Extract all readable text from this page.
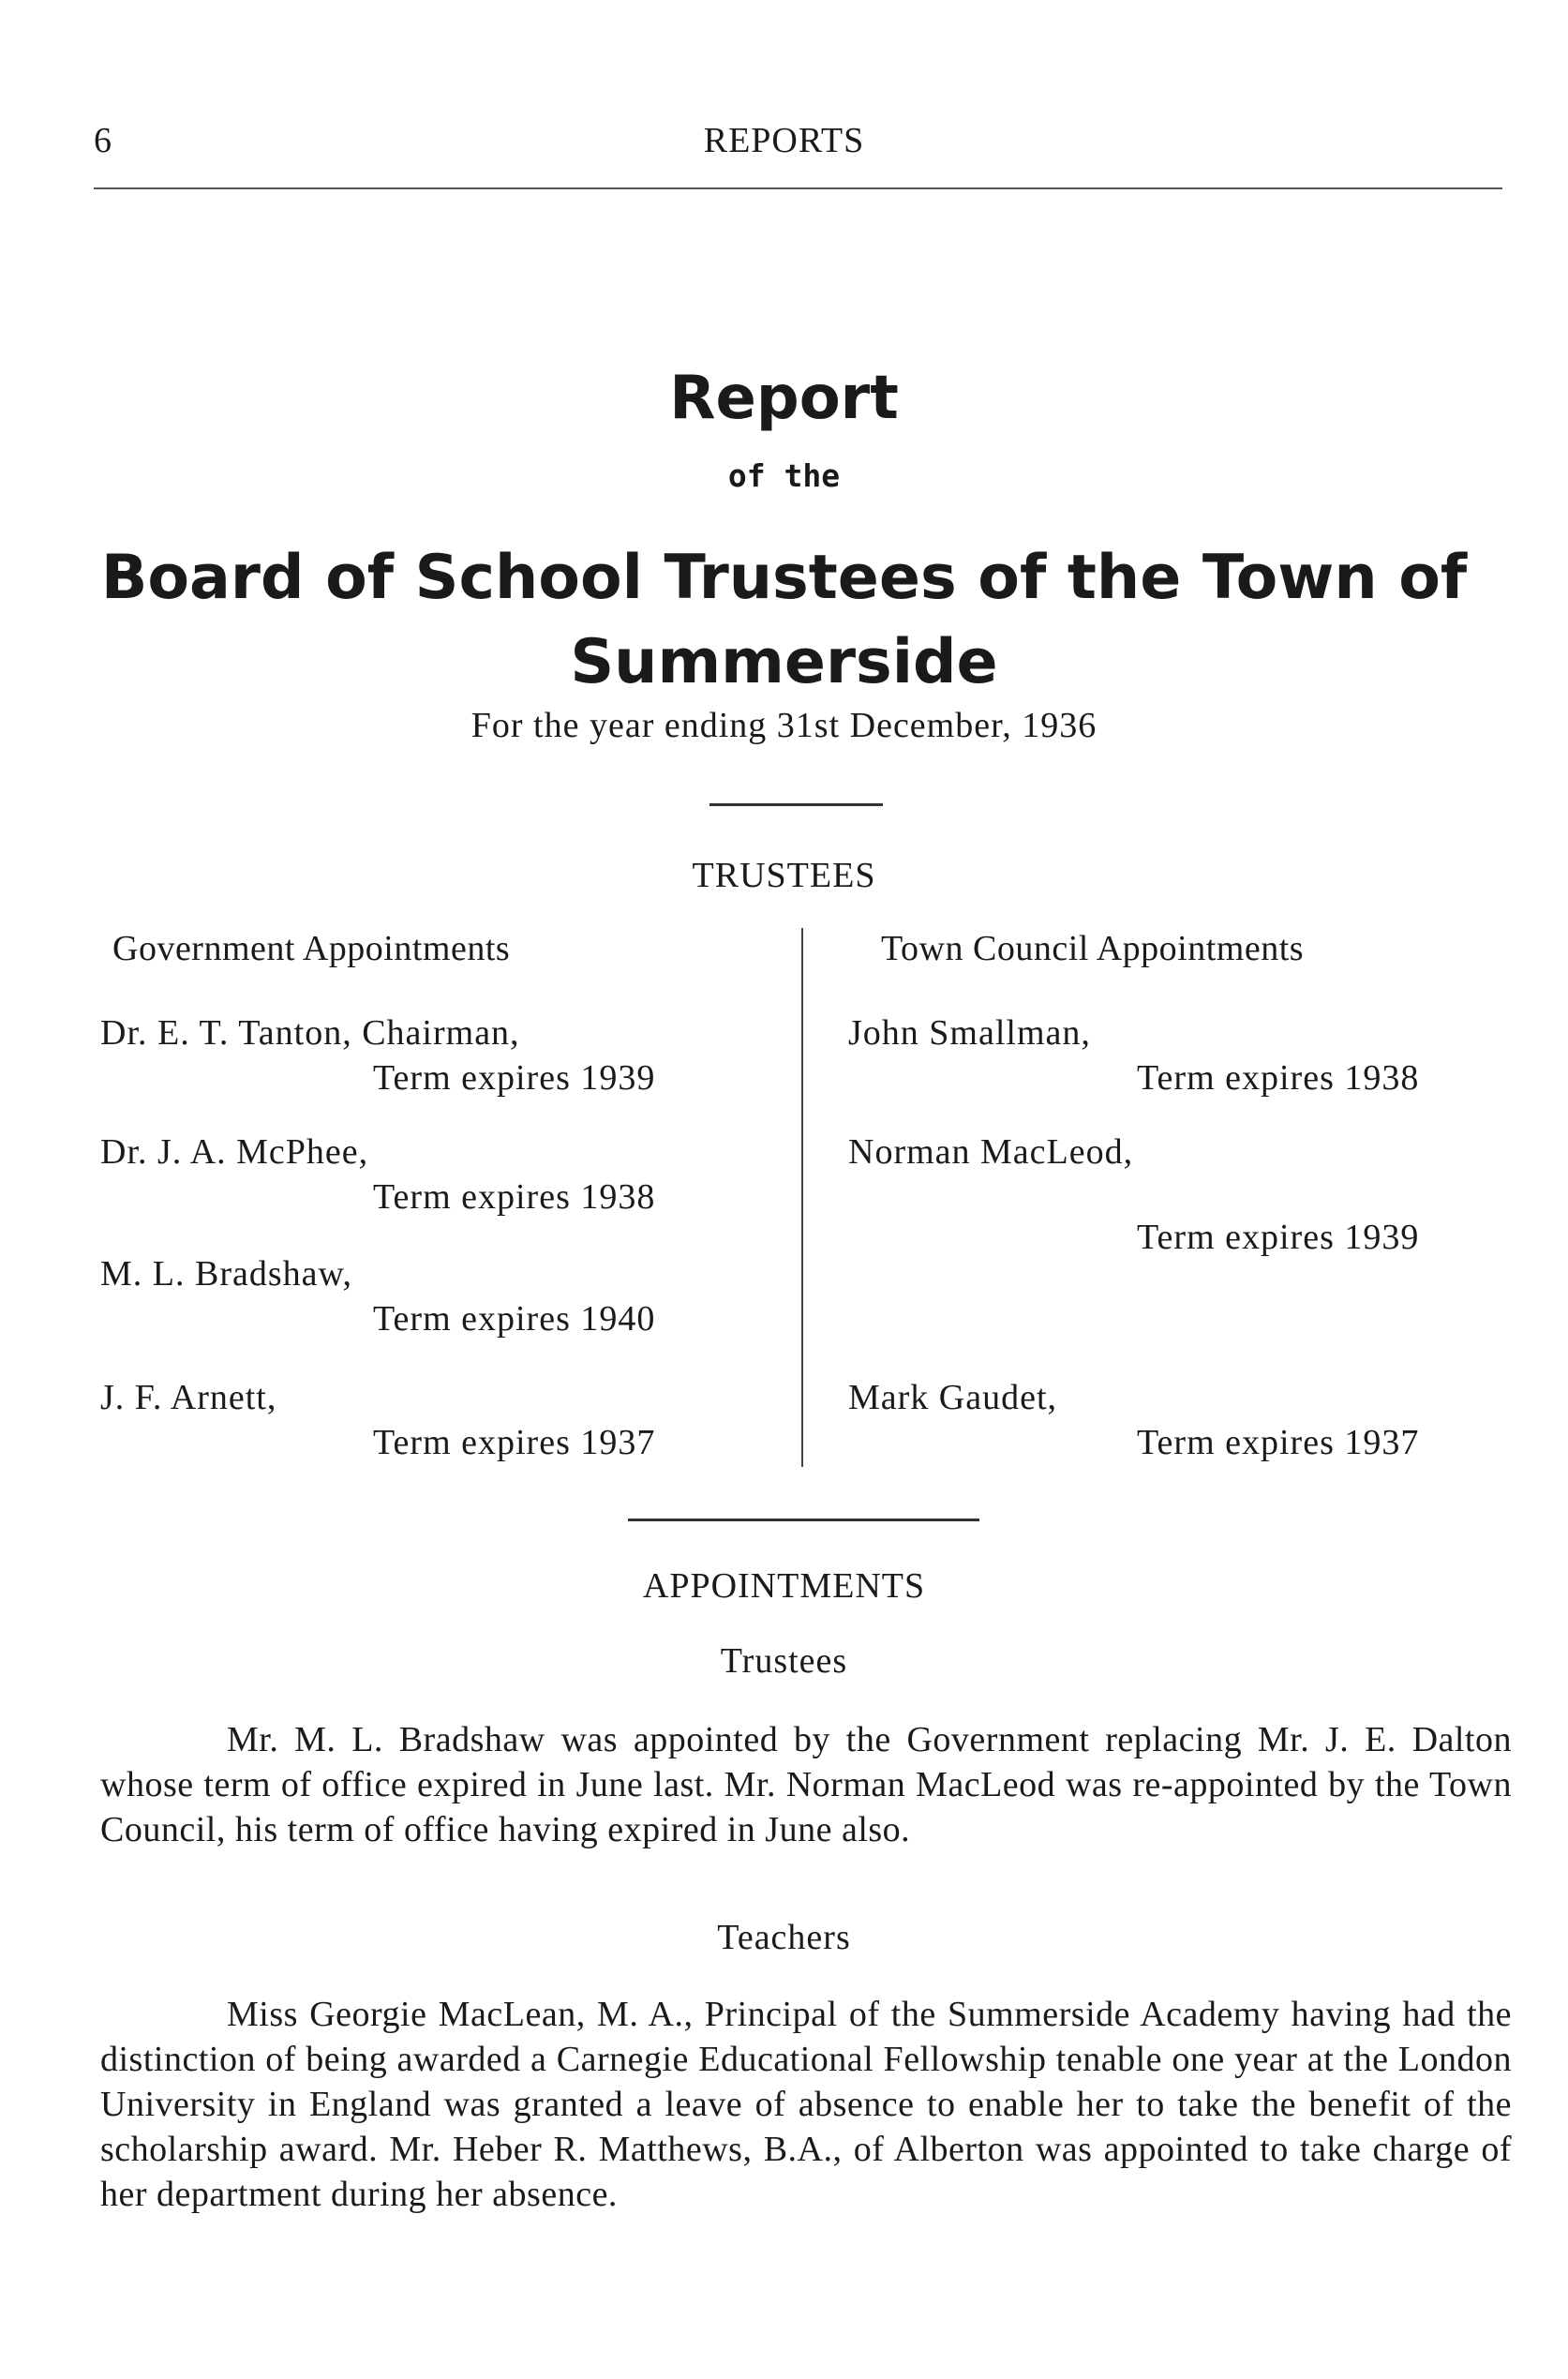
6	REPORTS
Report
of the
Board of School Trustees of the Town of Summerside
For the year ending 31st December, 1936
TRUSTEES
Government Appointments	Town Council Appointments
Dr. E. T. Tanton, Chairman,
Term expires 1939
Dr. J. A. McPhee,
Term expires 1938
M. L. Bradshaw,
Term expires 1940
J. F. Arnett,
Term expires 1937
John Smallman,
Term expires 1938
Norman MacLeod,
Term expires 1939
Mark Gaudet,
Term expires 1937
APPOINTMENTS
Trustees
Mr. M. L. Bradshaw was appointed by the Government replacing Mr. J. E. Dalton whose term of office expired in June last. Mr. Norman MacLeod was re-appointed by the Town Council, his term of office having expired in June also.
Teachers
Miss Georgie MacLean, M. A., Principal of the Summerside Academy having had the distinction of being awarded a Carnegie Educational Fellowship tenable one year at the London University in England was granted a leave of absence to enable her to take the benefit of the scholarship award. Mr. Heber R. Matthews, B.A., of Alberton was appointed to take charge of her department during her absence.
